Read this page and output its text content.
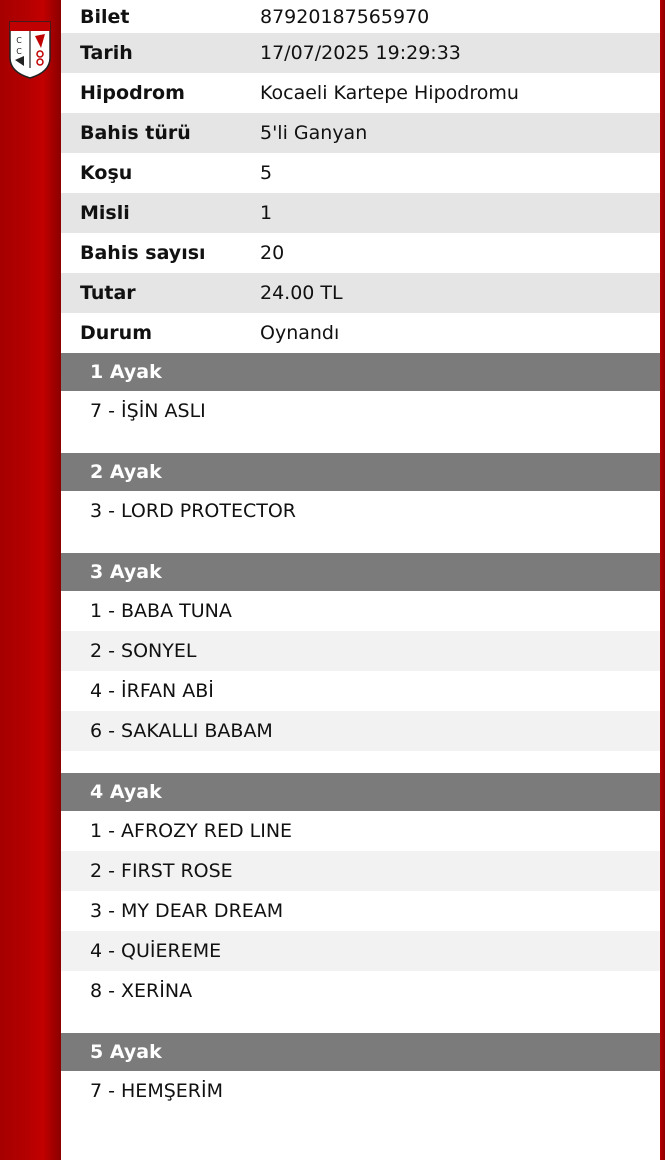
C
C
Bilet	87920187565970
Tarih	17/07/2025 19:29:33
Hipodrom	Kocaeli Kartepe Hipodromu
Bahis türü	5'li Ganyan
Koşu	5
Misli	1
Bahis sayısı	20
Tutar	24.00 TL
Durum	Oynandı
1 Ayak
7 - İŞİN ASLI
2 Ayak
3 - LORD PROTECTOR
3 Ayak
1 - BABA TUNA
2 - SONYEL
4 - İRFAN ABİ
6 - SAKALLI BABAM
4 Ayak
1 - AFROZY RED LINE
2 - FIRST ROSE
3 - MY DEAR DREAM
4 - QUİEREME
8 - XERİNA
5 Ayak
7 - HEMŞERİM
